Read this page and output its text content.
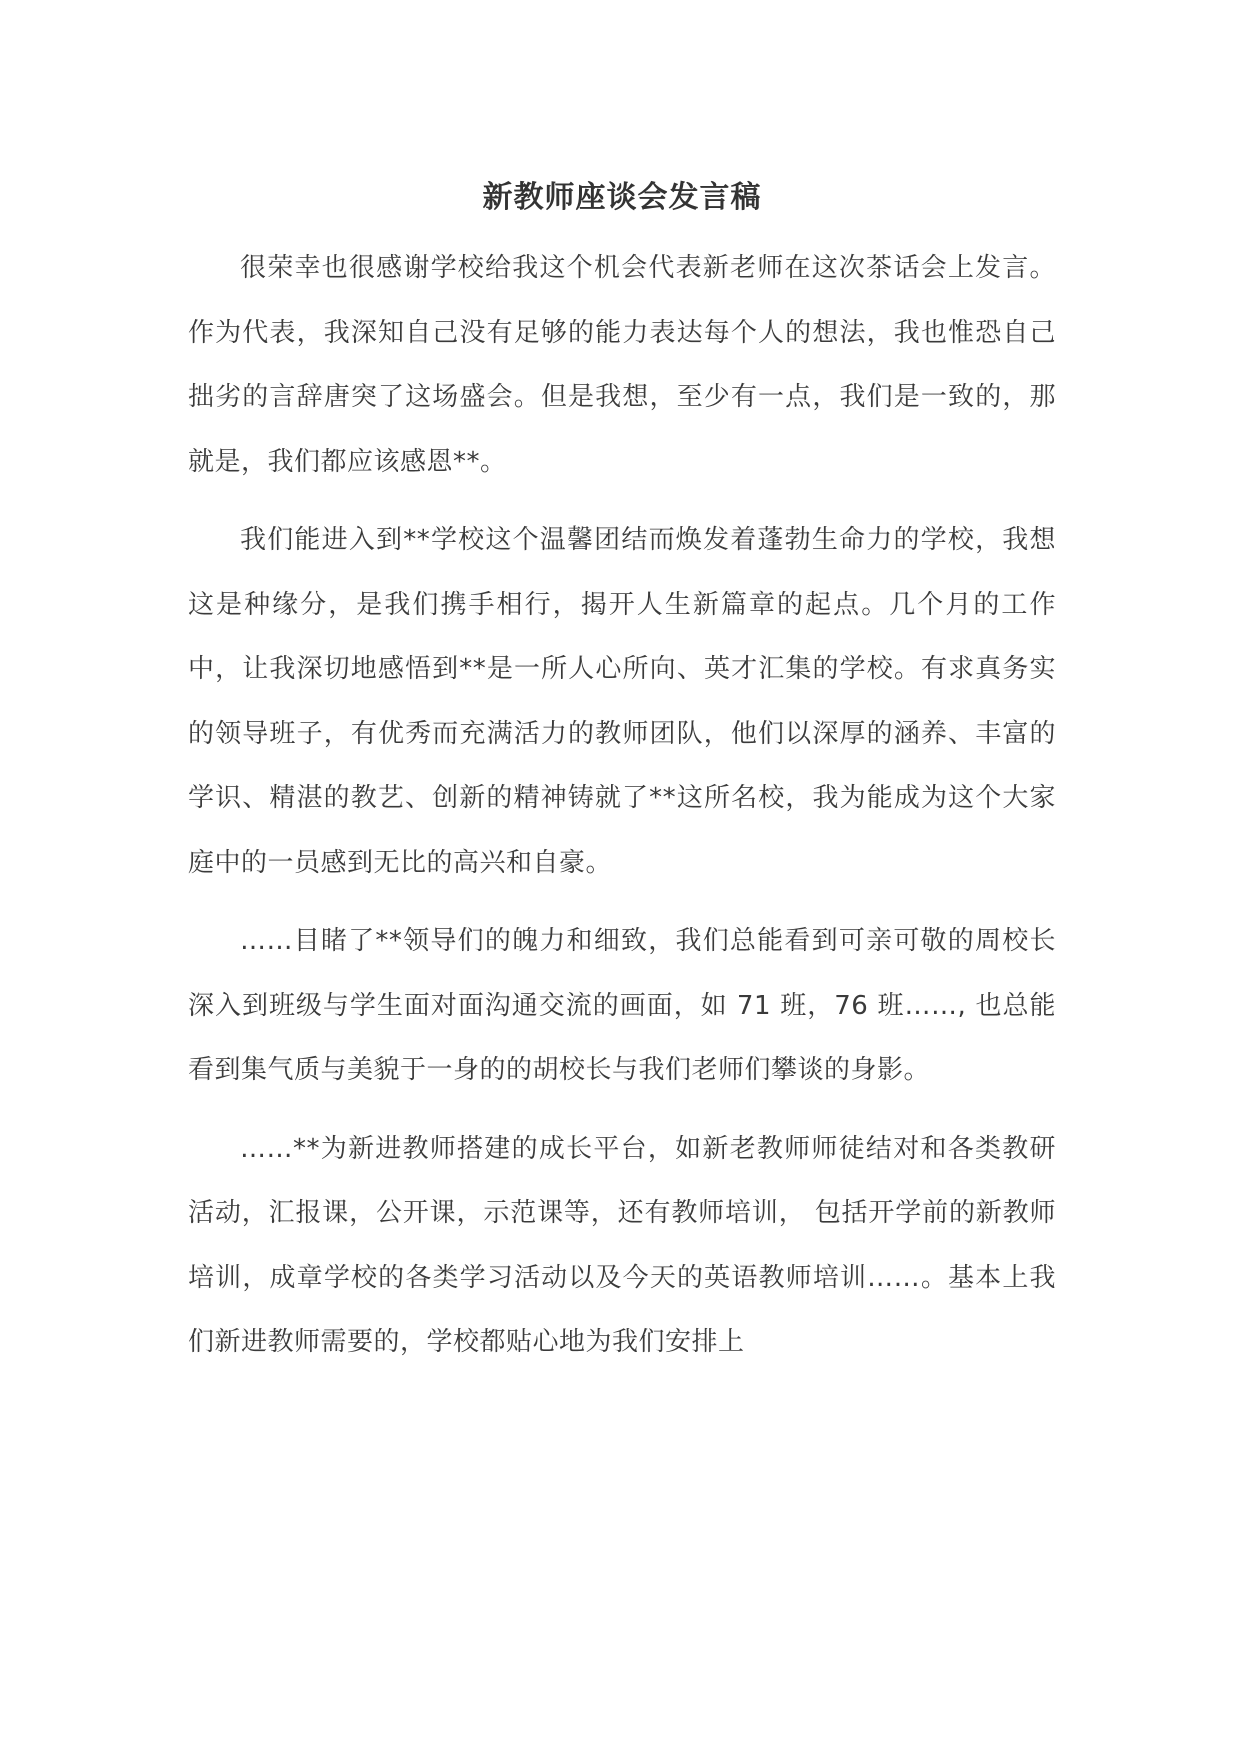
新教师座谈会发言稿

很荣幸也很感谢学校给我这个机会代表新老师在这次茶话会上发言。作为代表，我深知自己没有足够的能力表达每个人的想法，我也惟恐自己拙劣的言辞唐突了这场盛会。但是我想，至少有一点，我们是一致的，那就是，我们都应该感恩**。

我们能进入到**学校这个温馨团结而焕发着蓬勃生命力的学校，我想这是种缘分，是我们携手相行，揭开人生新篇章的起点。几个月的工作中，让我深切地感悟到**是一所人心所向、英才汇集的学校。有求真务实的领导班子，有优秀而充满活力的教师团队，他们以深厚的涵养、丰富的学识、精湛的教艺、创新的精神铸就了**这所名校，我为能成为这个大家庭中的一员感到无比的高兴和自豪。

……目睹了**领导们的魄力和细致，我们总能看到可亲可敬的周校长深入到班级与学生面对面沟通交流的画面，如 71 班，76 班……, 也总能看到集气质与美貌于一身的的胡校长与我们老师们攀谈的身影。

……**为新进教师搭建的成长平台，如新老教师师徒结对和各类教研活动，汇报课，公开课，示范课等，还有教师培训， 包括开学前的新教师培训，成章学校的各类学习活动以及今天的英语教师培训……。基本上我们新进教师需要的，学校都贴心地为我们安排上
